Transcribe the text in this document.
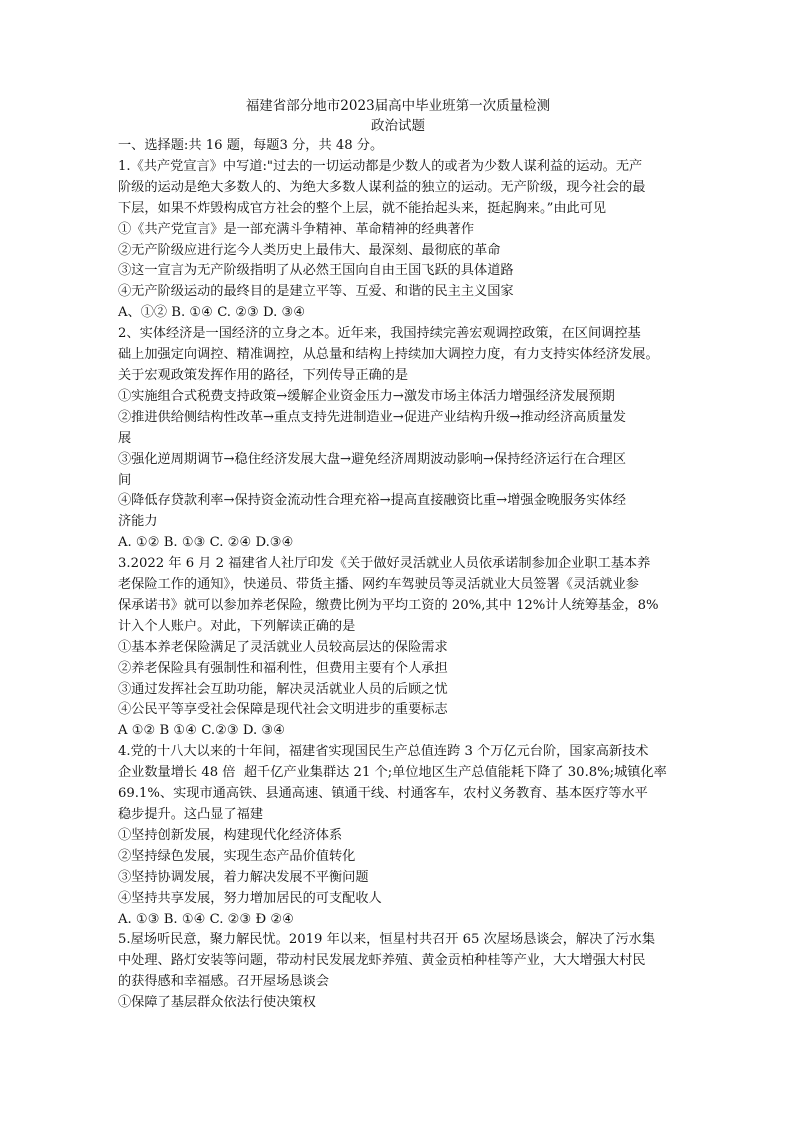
福建省部分地市2023届高中毕业班第一次质量检测

政治试题

一、选择题:共 16 题，每题3 分，共 48 分。

1.《共产党宣言》中写道:"过去的一切运动都是少数人的或者为少数人谋利益的运动。无产

阶级的运动是绝大多数人的、为绝大多数人谋利益的独立的运动。无产阶级，现今社会的最

下层，如果不炸毁构成官方社会的整个上层，就不能抬起头来，挺起胸来。”由此可见

①《共产党宣言》是一部充满斗争精神、革命精神的经典著作

②无产阶级应进行迄今人类历史上最伟大、最深刻、最彻底的革命

③这一宣言为无产阶级指明了从必然王国向自由王国飞跃的具体道路

④无产阶级运动的最终目的是建立平等、互爱、和谐的民主主义国家

A、①② B. ①④ C. ②③ D. ③④

2、实体经济是一国经济的立身之本。近年来，我国持续完善宏观调控政策，在区间调控基

础上加强定向调控、精准调控，从总量和结构上持续加大调控力度，有力支持实体经济发展。

关于宏观政策发挥作用的路径，下列传导正确的是

①实施组合式税费支持政策→缓解企业资金压力→激发市场主体活力增强经济发展预期

②推进供给侧结构性改革→重点支持先进制造业→促进产业结构升级→推动经济高质量发

展

③强化逆周期调节→稳住经济发展大盘→避免经济周期波动影响→保持经济运行在合理区

间

④降低存贷款利率→保持资金流动性合理充裕→提高直接融资比重→增强金晚服务实体经

济能力

A. ①② B. ①③ C. ②④ D.③④

3.2022 年 6 月 2 福建省人社厅印发《关于做好灵活就业人员依承诺制参加企业职工基本养

老保险工作的通知》，快递员、带货主播、网约车驾驶员等灵活就业大员签署《灵活就业参

保承诺书》就可以参加养老保险，缴费比例为平均工资的 20%,其中 12%计人统筹基金，8%

计入个人账户。对此，下列解读正确的是

①基本养老保险满足了灵活就业人员较高层达的保险需求

②养老保险具有强制性和福利性，但费用主要有个人承担

③通过发挥社会互助功能，解决灵活就业人员的后顾之忧

④公民平等享受社会保障是现代社会文明进步的重要标志

A ①② B ①④ C.②③ D. ③④

4.党的十八大以来的十年间，福建省实现国民生产总值连跨 3 个万亿元台阶，国家高新技术

企业数量增长 48 倍  超千亿产业集群达 21 个;单位地区生产总值能耗下降了 30.8%;城镇化率

69.1%、实现市通高铁、县通高速、镇通干线、村通客车，农村义务教育、基本医疗等水平

稳步提升。这凸显了福建

①坚持创新发展，构建现代化经济体系

②坚持绿色发展，实现生态产品价值转化

③坚持协调发展，着力解决发展不平衡问题

④坚持共享发展，努力增加居民的可支配收人

A. ①③ B. ①④ C. ②③ Đ ②④

5.屋场听民意，聚力解民忧。2019 年以来，恒星村共召开 65 次屋场恳谈会，解决了污水集

中处理、路灯安装等问题，带动村民发展龙虾养殖、黄金贡柏种桂等产业，大大增强大村民

的获得感和幸福感。召开屋场恳谈会

①保障了基层群众依法行使决策权
